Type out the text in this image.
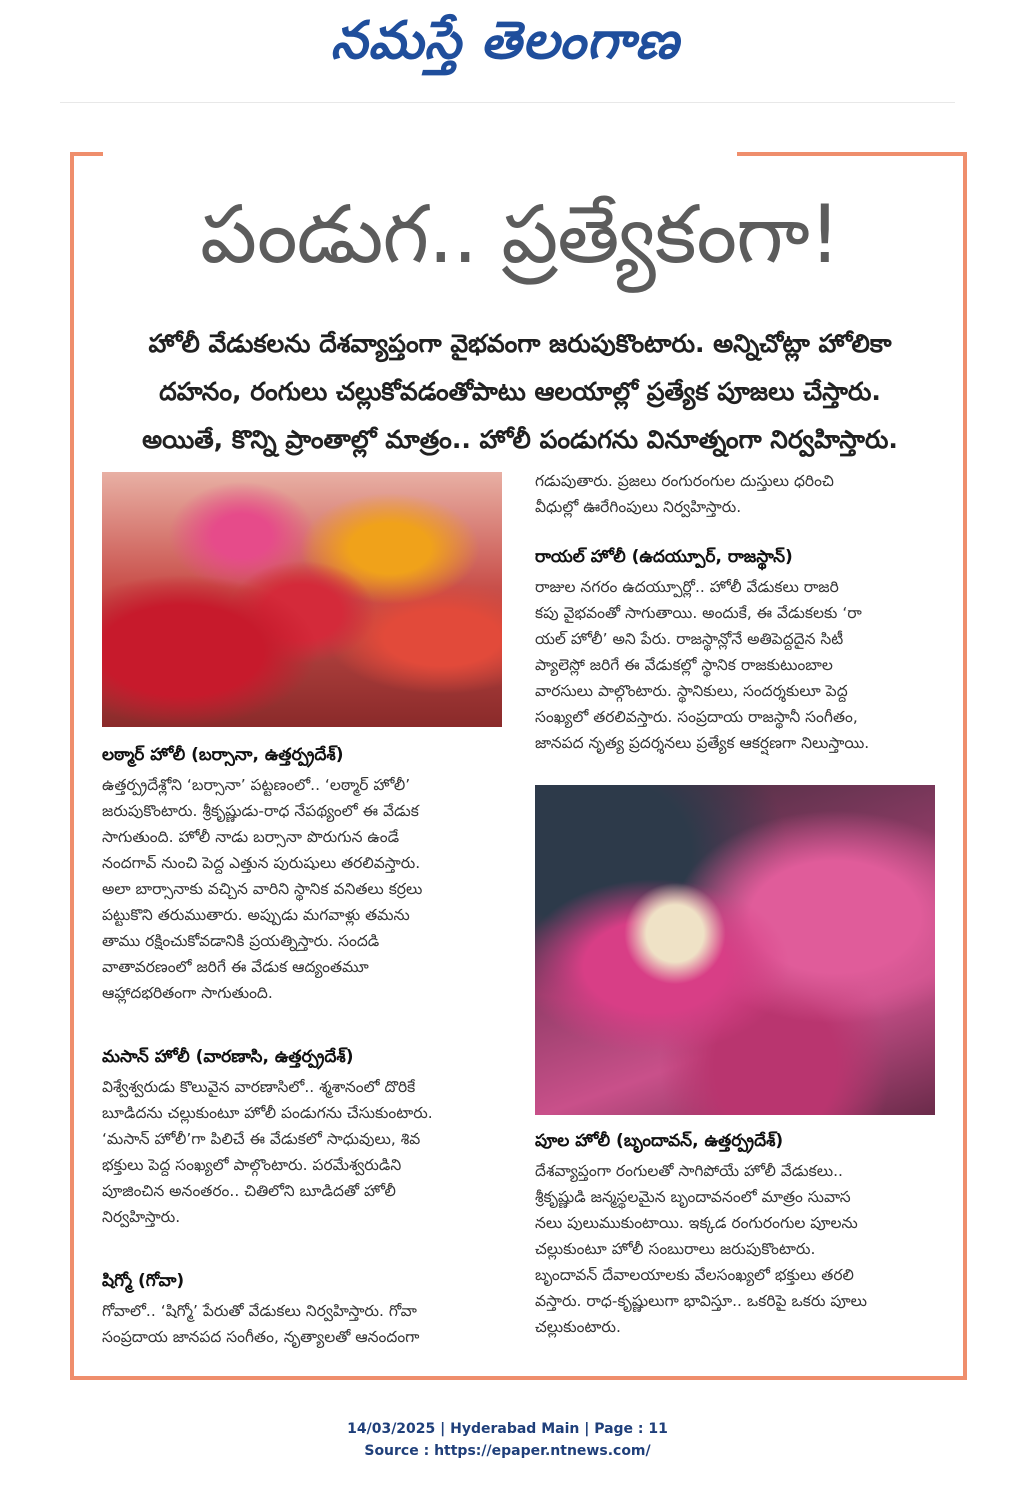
నమస్తే తెలంగాణ
పండుగ.. ప్రత్యేకంగా!

హోలీ వేడుకలను దేశవ్యాప్తంగా వైభవంగా జరుపుకొంటారు. అన్నిచోట్లా హోలికా

దహనం, రంగులు చల్లుకోవడంతోపాటు ఆలయాల్లో ప్రత్యేక పూజలు చేస్తారు.

అయితే, కొన్ని ప్రాంతాల్లో మాత్రం.. హోలీ పండుగను వినూత్నంగా నిర్వహిస్తారు.

లఠ్మార్ హోలీ (బర్సానా, ఉత్తర్ప్రదేశ్)

ఉత్తర్ప్రదేశ్లోని ‘బర్సానా’ పట్టణంలో.. ‘లఠ్మార్ హోలీ’

జరుపుకొంటారు. శ్రీకృష్ణుడు-రాధ నేపథ్యంలో ఈ వేడుక

సాగుతుంది. హోలీ నాడు బర్సానా పొరుగున ఉండే

నందగావ్ నుంచి పెద్ద ఎత్తున పురుషులు తరలివస్తారు.

అలా బార్సానాకు వచ్చిన వారిని స్థానిక వనితలు కర్రలు

పట్టుకొని తరుముతారు. అప్పుడు మగవాళ్లు తమను

తాము రక్షించుకోవడానికి ప్రయత్నిస్తారు. సందడి

వాతావరణంలో జరిగే ఈ వేడుక ఆద్యంతమూ

ఆహ్లాదభరితంగా సాగుతుంది.

మసాన్ హోలీ (వారణాసి, ఉత్తర్ప్రదేశ్)

విశ్వేశ్వరుడు కొలువైన వారణాసిలో.. శ్మశానంలో దొరికే

బూడిదను చల్లుకుంటూ హోలీ పండుగను చేసుకుంటారు.

‘మసాన్ హోలీ’గా పిలిచే ఈ వేడుకలో సాధువులు, శివ

భక్తులు పెద్ద సంఖ్యలో పాల్గొంటారు. పరమేశ్వరుడిని

పూజించిన అనంతరం.. చితిలోని బూడిదతో హోలీ

నిర్వహిస్తారు.

షిగ్మో (గోవా)

గోవాలో.. ‘షిగ్మో’ పేరుతో వేడుకలు నిర్వహిస్తారు. గోవా

సంప్రదాయ జానపద సంగీతం, నృత్యాలతో ఆనందంగా

గడుపుతారు. ప్రజలు రంగురంగుల దుస్తులు ధరించి

వీధుల్లో ఊరేగింపులు నిర్వహిస్తారు.

రాయల్ హోలీ (ఉదయ్పూర్, రాజస్థాన్)

రాజుల నగరం ఉదయ్పూర్లో.. హోలీ వేడుకలు రాజరి

కపు వైభవంతో సాగుతాయి. అందుకే, ఈ వేడుకలకు ‘రా

యల్ హోలీ’ అని పేరు. రాజస్థాన్లోనే అతిపెద్దదైన సిటీ

ప్యాలెస్లో జరిగే ఈ వేడుకల్లో స్థానిక రాజకుటుంబాల

వారసులు పాల్గొంటారు. స్థానికులు, సందర్శకులూ పెద్ద

సంఖ్యలో తరలివస్తారు. సంప్రదాయ రాజస్థానీ సంగీతం,

జానపద నృత్య ప్రదర్శనలు ప్రత్యేక ఆకర్షణగా నిలుస్తాయి.

పూల హోలీ (బృందావన్, ఉత్తర్ప్రదేశ్)

దేశవ్యాప్తంగా రంగులతో సాగిపోయే హోలీ వేడుకలు..

శ్రీకృష్ణుడి జన్మస్థలమైన బృందావనంలో మాత్రం సువాస

నలు పులుముకుంటాయి. ఇక్కడ రంగురంగుల పూలను

చల్లుకుంటూ హోలీ సంబురాలు జరుపుకొంటారు.

బృందావన్ దేవాలయాలకు వేలసంఖ్యలో భక్తులు తరలి

వస్తారు. రాధ-కృష్ణులుగా భావిస్తూ.. ఒకరిపై ఒకరు పూలు

చల్లుకుంటారు.

14/03/2025 | Hyderabad Main | Page : 11
Source : https://epaper.ntnews.com/
